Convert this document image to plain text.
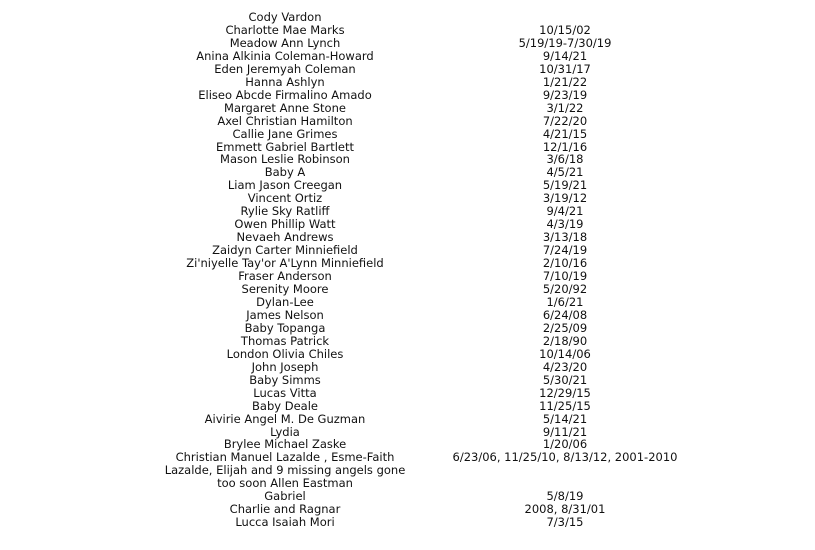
Cody Vardon
Charlotte Mae Marks
Meadow Ann Lynch
Anina Alkinia Coleman-Howard
Eden Jeremyah Coleman
Hanna Ashlyn
Eliseo Abcde Firmalino Amado
Margaret Anne Stone
Axel Christian Hamilton
Callie Jane Grimes
Emmett Gabriel Bartlett
Mason Leslie Robinson
Baby A
Liam Jason Creegan
Vincent Ortiz
Rylie Sky Ratliff
Owen Phillip Watt
Nevaeh Andrews
Zaidyn Carter Minniefield
Zi'niyelle Tay'or A'Lynn Minniefield
Fraser Anderson
Serenity Moore
Dylan-Lee
James Nelson
Baby Topanga
Thomas Patrick
London Olivia Chiles
John Joseph
Baby Simms
Lucas Vitta
Baby Deale
Aivirie Angel M. De Guzman
Lydia
Brylee Michael Zaske
Christian Manuel Lazalde , Esme-Faith
Lazalde, Elijah and 9 missing angels gone
too soon Allen Eastman
Gabriel
Charlie and Ragnar
Lucca Isaiah Mori
10/15/02
5/19/19-7/30/19
9/14/21
10/31/17
1/21/22
9/23/19
3/1/22
7/22/20
4/21/15
12/1/16
3/6/18
4/5/21
5/19/21
3/19/12
9/4/21
4/3/19
3/13/18
7/24/19
2/10/16
7/10/19
5/20/92
1/6/21
6/24/08
2/25/09
2/18/90
10/14/06
4/23/20
5/30/21
12/29/15
11/25/15
5/14/21
9/11/21
1/20/06
6/23/06, 11/25/10, 8/13/12, 2001-2010
5/8/19
2008, 8/31/01
7/3/15
